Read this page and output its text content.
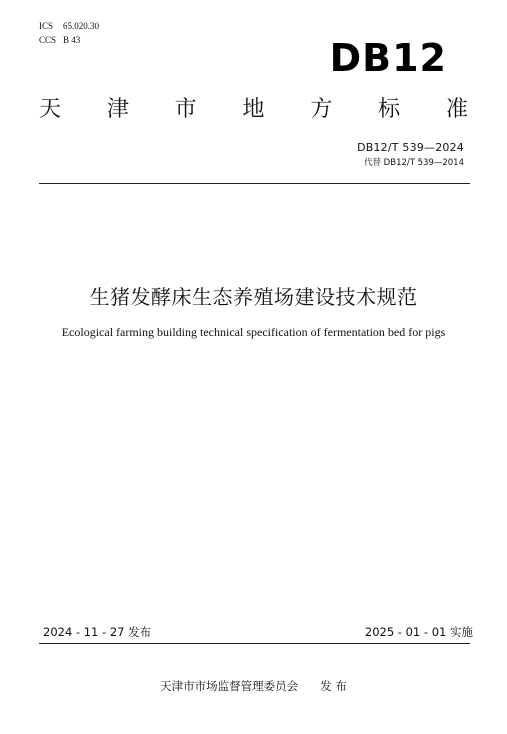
ICS 65.020.30
CCS B 43	DB12
天 津 市 地 方 标 准
DB12/T 539—2024
代替 DB12/T 539—2014
生猪发酵床生态养殖场建设技术规范
Ecological farming building technical specification of fermentation bed for pigs
2024 - 11 - 27 发布	2025 - 01 - 01 实施
天津市市场监督管理委员会 发 布
